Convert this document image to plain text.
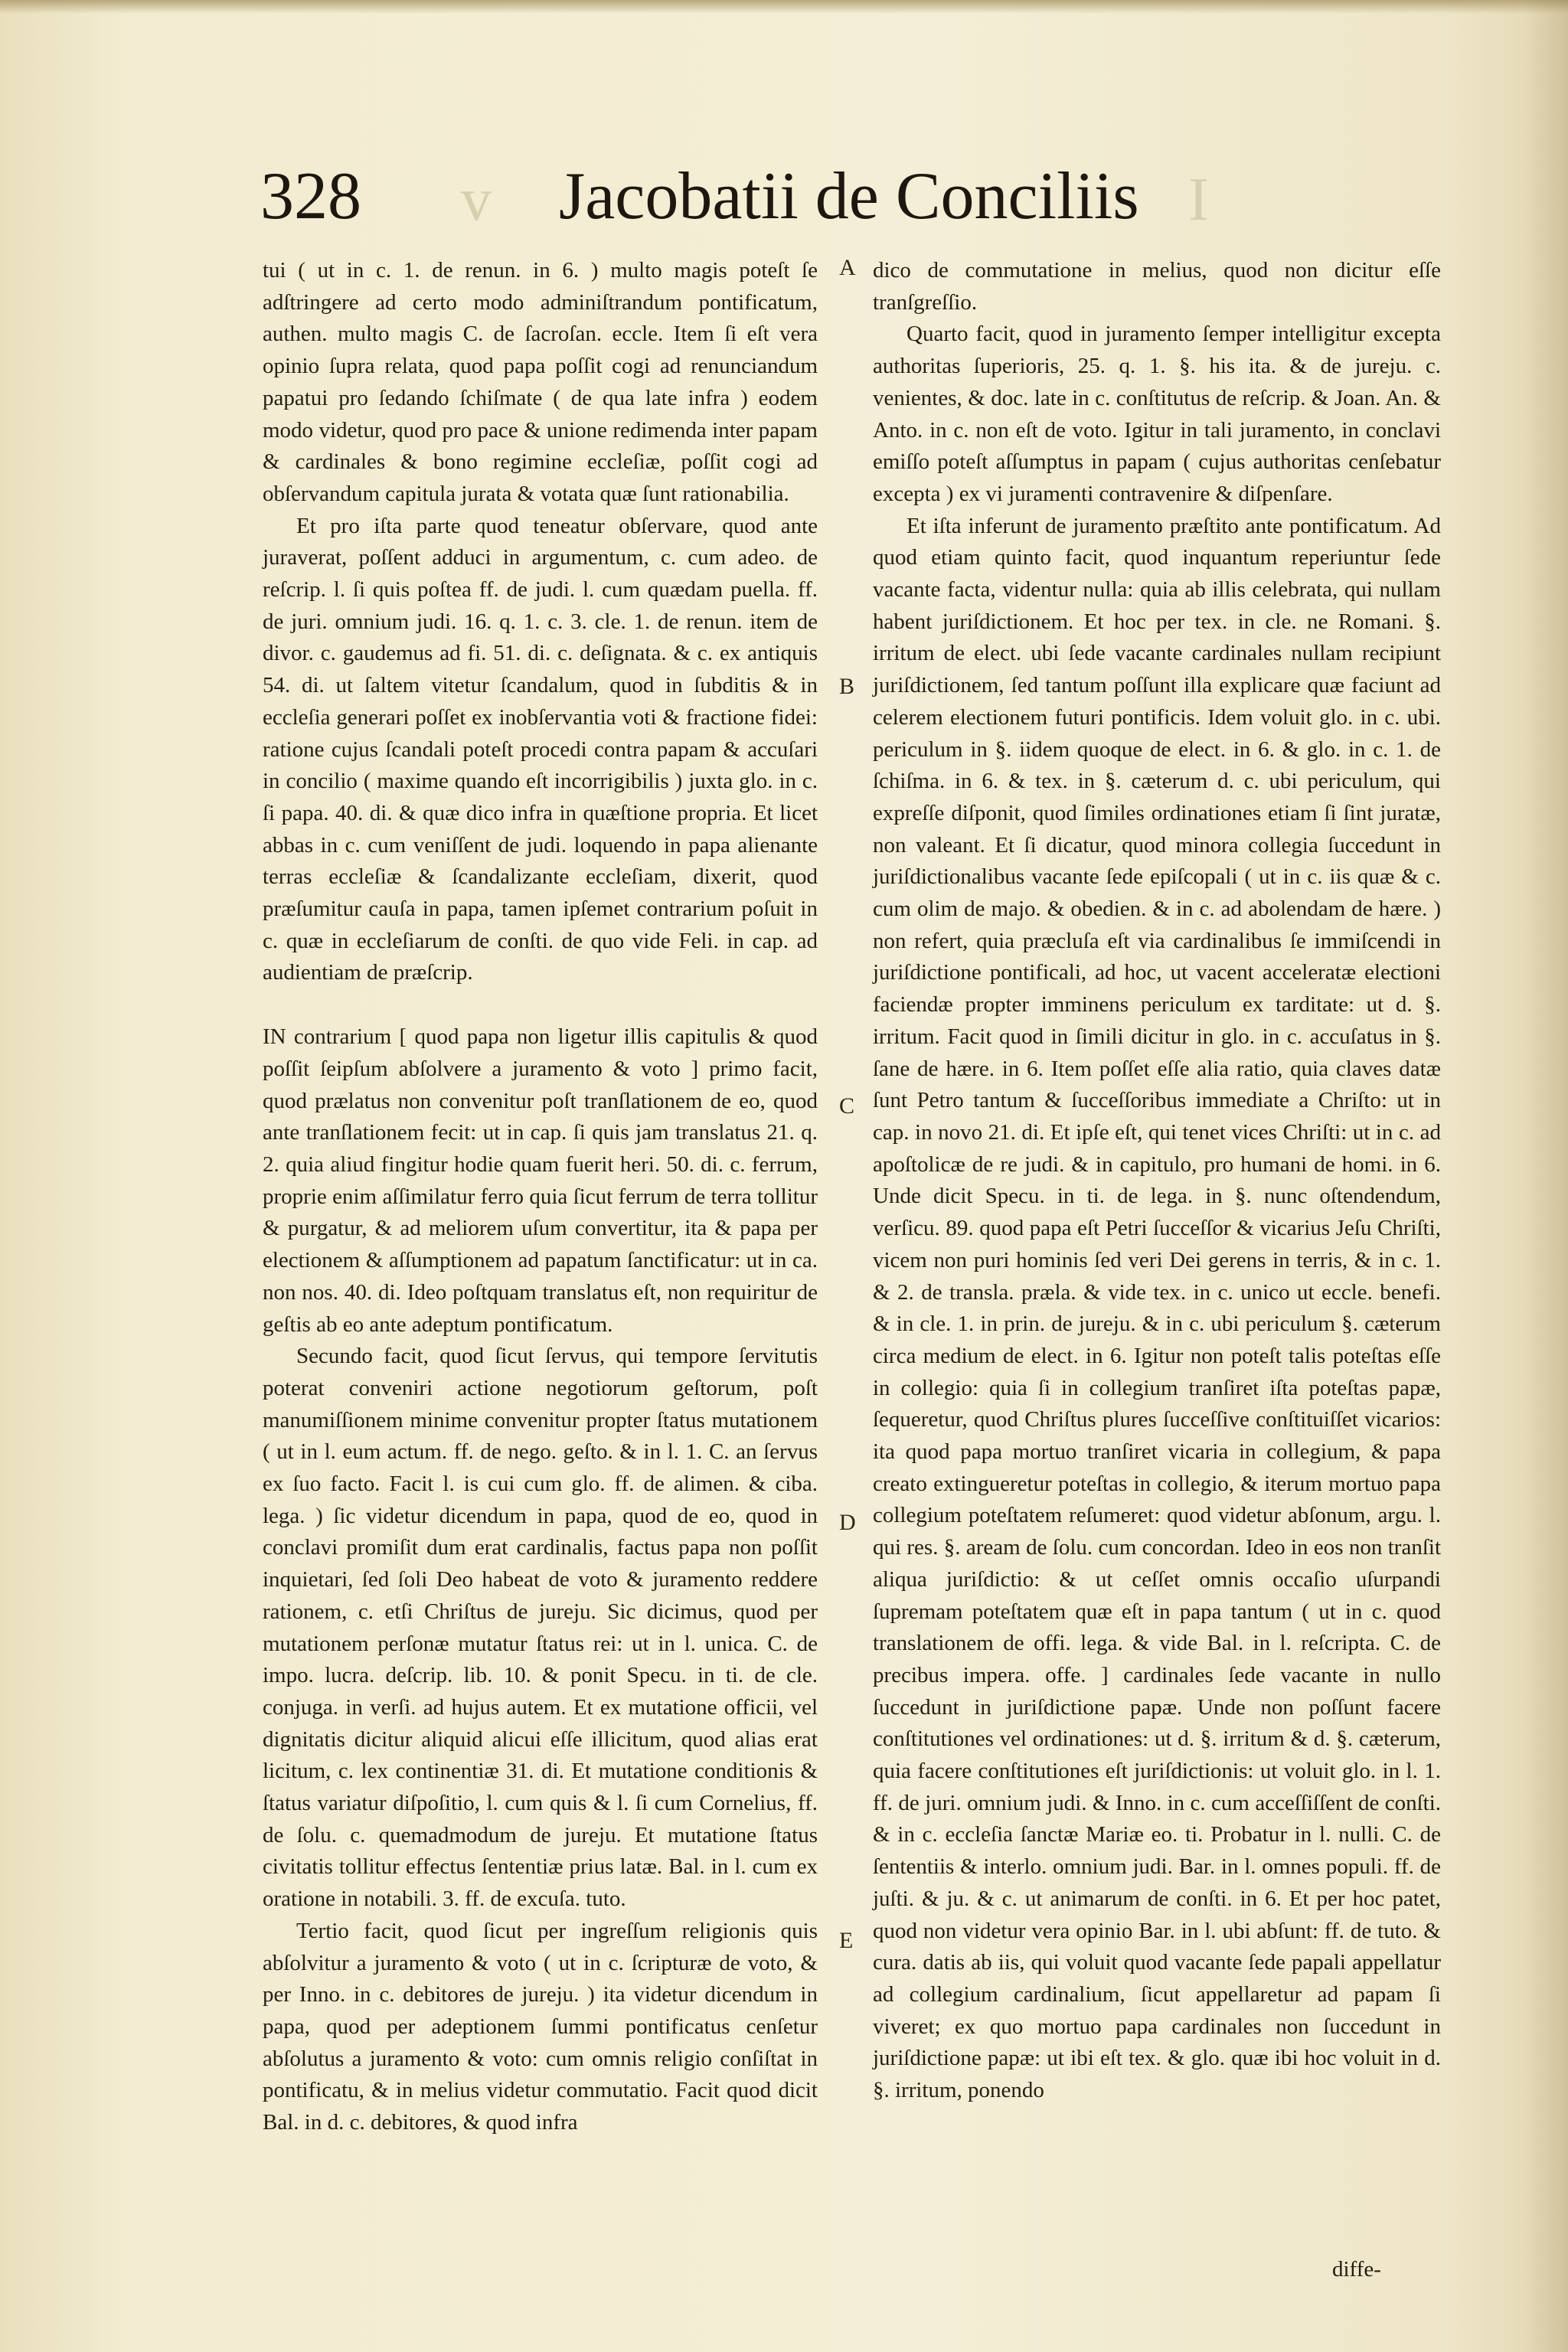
328 v Jacobatii de Conciliis I

tui ( ut in c. 1. de renun. in 6. ) multo magis poteſt ſe adſtringere ad certo modo adminiſtrandum pontificatum, authen. multo magis C. de ſacroſan. eccle. Item ſi eſt vera opinio ſupra relata, quod papa poſſit cogi ad renunciandum papatui pro ſedando ſchiſmate ( de qua late infra ) eodem modo videtur, quod pro pace & unione redimenda inter papam & cardinales & bono regimine eccleſiæ, poſſit cogi ad obſervandum capitula jurata & votata quæ ſunt rationabilia.

Et pro iſta parte quod teneatur obſervare, quod ante juraverat, poſſent adduci in argumentum, c. cum adeo. de reſcrip. l. ſi quis poſtea ff. de judi. l. cum quædam puella. ff. de juri. omnium judi. 16. q. 1. c. 3. cle. 1. de renun. item de divor. c. gaudemus ad fi. 51. di. c. deſignata. & c. ex antiquis 54. di. ut ſaltem vitetur ſcandalum, quod in ſubditis & in eccleſia generari poſſet ex inobſervantia voti & fractione fidei: ratione cujus ſcandali poteſt procedi contra papam & accuſari in concilio ( maxime quando eſt incorrigibilis ) juxta glo. in c. ſi papa. 40. di. & quæ dico infra in quæſtione propria. Et licet abbas in c. cum veniſſent de judi. loquendo in papa alienante terras eccleſiæ & ſcandalizante eccleſiam, dixerit, quod præſumitur cauſa in papa, tamen ipſemet contrarium poſuit in c. quæ in eccleſiarum de conſti. de quo vide Feli. in cap. ad audientiam de præſcrip.

IN contrarium [ quod papa non ligetur illis capitulis & quod poſſit ſeipſum abſolvere a juramento & voto ] primo facit, quod prælatus non convenitur poſt tranſlationem de eo, quod ante tranſlationem fecit: ut in cap. ſi quis jam translatus 21. q. 2. quia aliud fingitur hodie quam fuerit heri. 50. di. c. ferrum, proprie enim aſſimilatur ferro quia ſicut ferrum de terra tollitur & purgatur, & ad meliorem uſum convertitur, ita & papa per electionem & aſſumptionem ad papatum ſanctificatur: ut in ca. non nos. 40. di. Ideo poſtquam translatus eſt, non requiritur de geſtis ab eo ante adeptum pontificatum.

Secundo facit, quod ſicut ſervus, qui tempore ſervitutis poterat conveniri actione negotiorum geſtorum, poſt manumiſſionem minime convenitur propter ſtatus mutationem ( ut in l. eum actum. ff. de nego. geſto. & in l. 1. C. an ſervus ex ſuo facto. Facit l. is cui cum glo. ff. de alimen. & ciba. lega. ) ſic videtur dicendum in papa, quod de eo, quod in conclavi promiſit dum erat cardinalis, factus papa non poſſit inquietari, ſed ſoli Deo habeat de voto & juramento reddere rationem, c. etſi Chriſtus de jureju. Sic dicimus, quod per mutationem perſonæ mutatur ſtatus rei: ut in l. unica. C. de impo. lucra. deſcrip. lib. 10. & ponit Specu. in ti. de cle. conjuga. in verſi. ad hujus autem. Et ex mutatione officii, vel dignitatis dicitur aliquid alicui eſſe illicitum, quod alias erat licitum, c. lex continentiæ 31. di. Et mutatione conditionis & ſtatus variatur diſpoſitio, l. cum quis & l. ſi cum Cornelius, ff. de ſolu. c. quemadmodum de jureju. Et mutatione ſtatus civitatis tollitur effectus ſententiæ prius latæ. Bal. in l. cum ex oratione in notabili. 3. ff. de excuſa. tuto.

Tertio facit, quod ſicut per ingreſſum religionis quis abſolvitur a juramento & voto ( ut in c. ſcripturæ de voto, & per Inno. in c. debitores de jureju. ) ita videtur dicendum in papa, quod per adeptionem ſummi pontificatus cenſetur abſolutus a juramento & voto: cum omnis religio conſiſtat in pontificatu, & in melius videtur commutatio. Facit quod dicit Bal. in d. c. debitores, & quod infra

A
B
C
D
E

dico de commutatione in melius, quod non dicitur eſſe tranſgreſſio.

Quarto facit, quod in juramento ſemper intelligitur excepta authoritas ſuperioris, 25. q. 1. §. his ita. & de jureju. c. venientes, & doc. late in c. conſtitutus de reſcrip. & Joan. An. & Anto. in c. non eſt de voto. Igitur in tali juramento, in conclavi emiſſo poteſt aſſumptus in papam ( cujus authoritas cenſebatur excepta ) ex vi juramenti contravenire & diſpenſare.

Et iſta inferunt de juramento præſtito ante pontificatum. Ad quod etiam quinto facit, quod inquantum reperiuntur ſede vacante facta, videntur nulla: quia ab illis celebrata, qui nullam habent juriſdictionem. Et hoc per tex. in cle. ne Romani. §. irritum de elect. ubi ſede vacante cardinales nullam recipiunt juriſdictionem, ſed tantum poſſunt illa explicare quæ faciunt ad celerem electionem futuri pontificis. Idem voluit glo. in c. ubi. periculum in §. iidem quoque de elect. in 6. & glo. in c. 1. de ſchiſma. in 6. & tex. in §. cæterum d. c. ubi periculum, qui expreſſe diſponit, quod ſimiles ordinationes etiam ſi ſint juratæ, non valeant. Et ſi dicatur, quod minora collegia ſuccedunt in juriſdictionalibus vacante ſede epiſcopali ( ut in c. iis quæ & c. cum olim de majo. & obedien. & in c. ad abolendam de hære. ) non refert, quia præcluſa eſt via cardinalibus ſe immiſcendi in juriſdictione pontificali, ad hoc, ut vacent acceleratæ electioni faciendæ propter imminens periculum ex tarditate: ut d. §. irritum. Facit quod in ſimili dicitur in glo. in c. accuſatus in §. ſane de hære. in 6. Item poſſet eſſe alia ratio, quia claves datæ ſunt Petro tantum & ſucceſſoribus immediate a Chriſto: ut in cap. in novo 21. di. Et ipſe eſt, qui tenet vices Chriſti: ut in c. ad apoſtolicæ de re judi. & in capitulo, pro humani de homi. in 6. Unde dicit Specu. in ti. de lega. in §. nunc oſtendendum, verſicu. 89. quod papa eſt Petri ſucceſſor & vicarius Jeſu Chriſti, vicem non puri hominis ſed veri Dei gerens in terris, & in c. 1. & 2. de transla. præla. & vide tex. in c. unico ut eccle. benefi. & in cle. 1. in prin. de jureju. & in c. ubi periculum §. cæterum circa medium de elect. in 6. Igitur non poteſt talis poteſtas eſſe in collegio: quia ſi in collegium tranſiret iſta poteſtas papæ, ſequeretur, quod Chriſtus plures ſucceſſive conſtituiſſet vicarios: ita quod papa mortuo tranſiret vicaria in collegium, & papa creato extingueretur poteſtas in collegio, & iterum mortuo papa collegium poteſtatem reſumeret: quod videtur abſonum, argu. l. qui res. §. aream de ſolu. cum concordan. Ideo in eos non tranſit aliqua juriſdictio: & ut ceſſet omnis occaſio uſurpandi ſupremam poteſtatem quæ eſt in papa tantum ( ut in c. quod translationem de offi. lega. & vide Bal. in l. reſcripta. C. de precibus impera. offe. ] cardinales ſede vacante in nullo ſuccedunt in juriſdictione papæ. Unde non poſſunt facere conſtitutiones vel ordinationes: ut d. §. irritum & d. §. cæterum, quia facere conſtitutiones eſt juriſdictionis: ut voluit glo. in l. 1. ff. de juri. omnium judi. & Inno. in c. cum acceſſiſſent de conſti. & in c. eccleſia ſanctæ Mariæ eo. ti. Probatur in l. nulli. C. de ſententiis & interlo. omnium judi. Bar. in l. omnes populi. ff. de juſti. & ju. & c. ut animarum de conſti. in 6. Et per hoc patet, quod non videtur vera opinio Bar. in l. ubi abſunt: ff. de tuto. & cura. datis ab iis, qui voluit quod vacante ſede papali appellatur ad collegium cardinalium, ſicut appellaretur ad papam ſi viveret; ex quo mortuo papa cardinales non ſuccedunt in juriſdictione papæ: ut ibi eſt tex. & glo. quæ ibi hoc voluit in d. §. irritum, ponendo

diffe-
